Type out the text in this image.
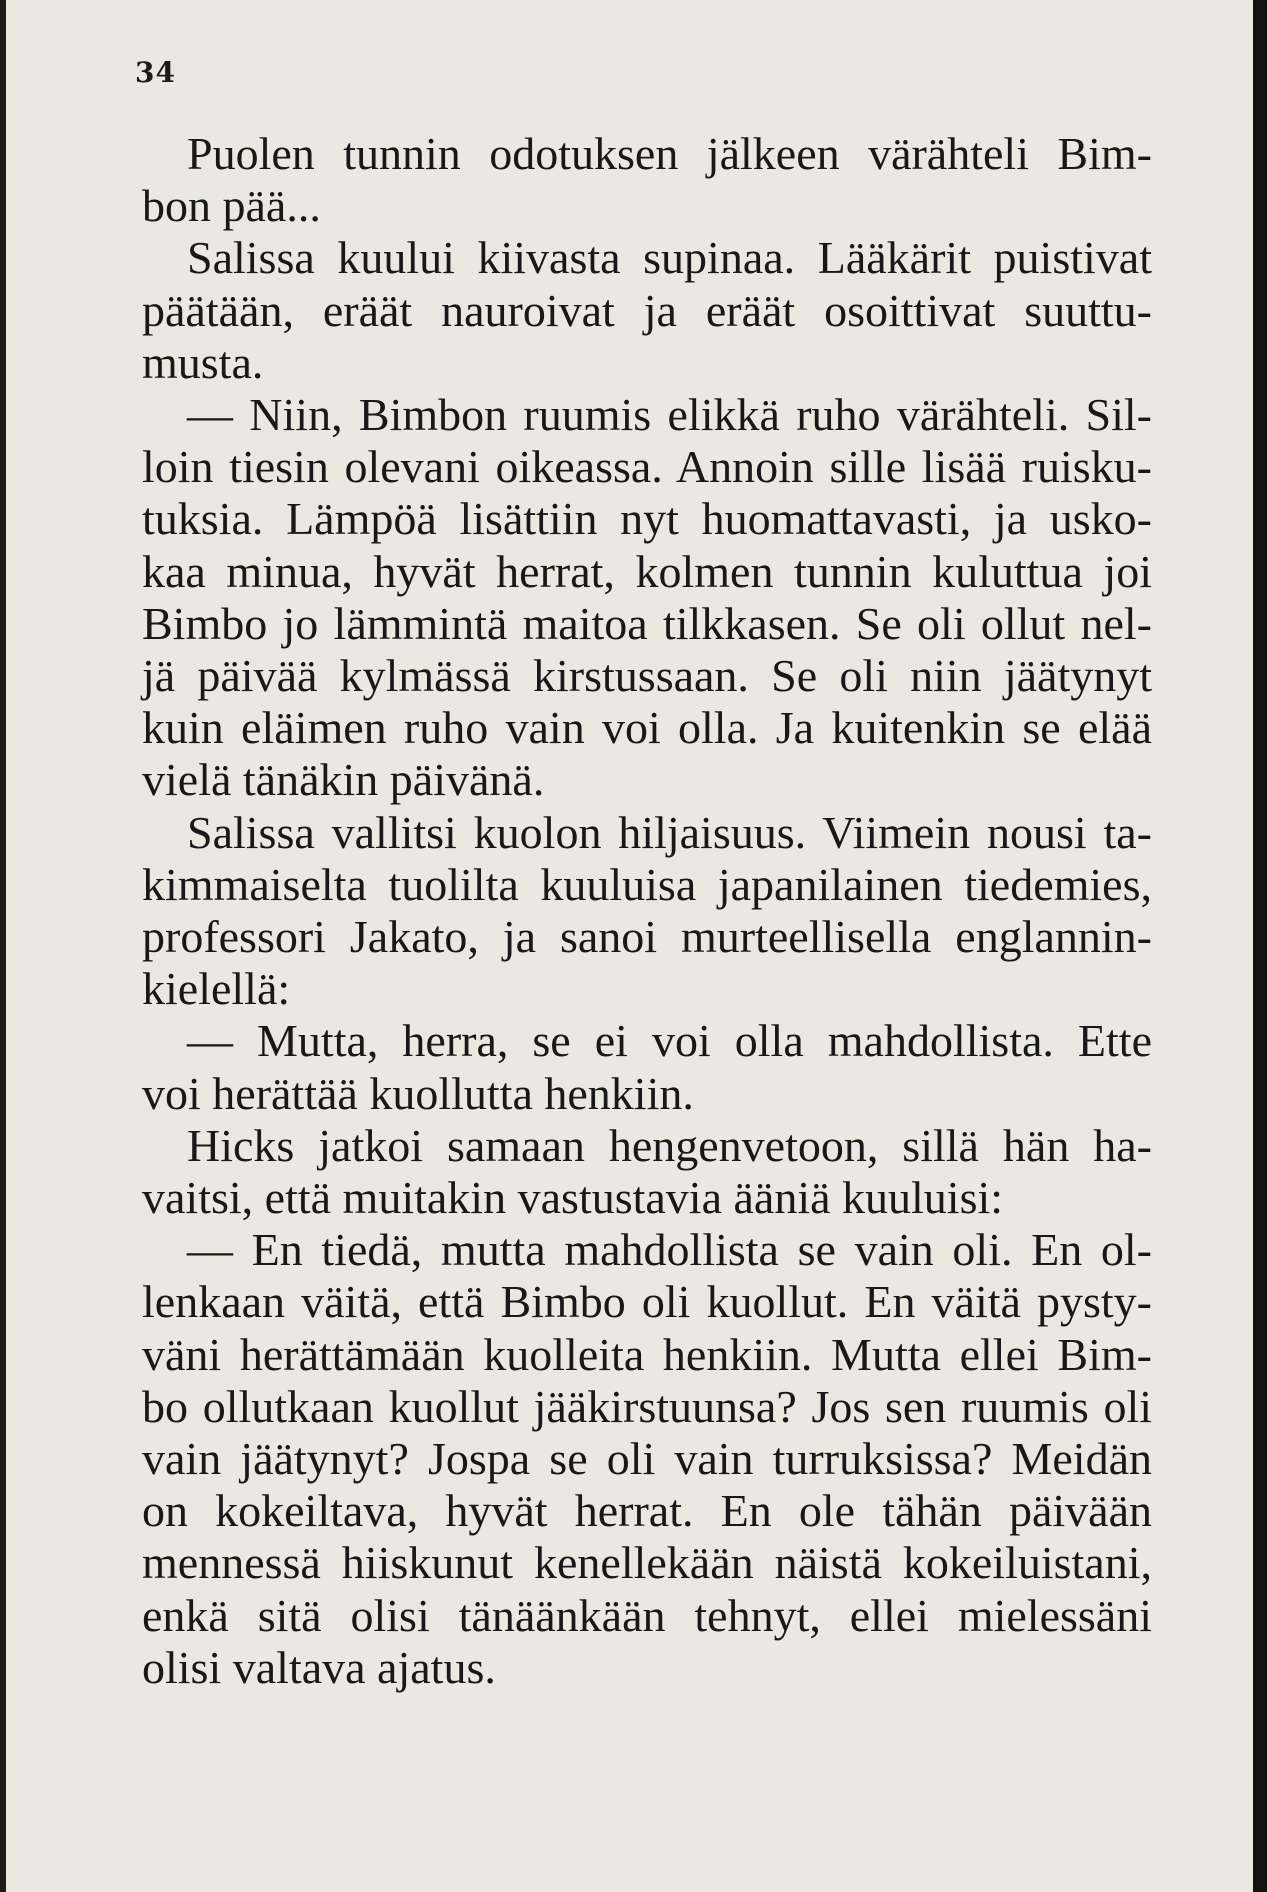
34
Puolen tunnin odotuksen jälkeen värähteli Bim-
bon pää...
Salissa kuului kiivasta supinaa. Lääkärit puistivat
päätään, eräät nauroivat ja eräät osoittivat suuttu-
musta.
— Niin, Bimbon ruumis elikkä ruho värähteli. Sil-
loin tiesin olevani oikeassa. Annoin sille lisää ruisku-
tuksia. Lämpöä lisättiin nyt huomattavasti, ja usko-
kaa minua, hyvät herrat, kolmen tunnin kuluttua joi
Bimbo jo lämmintä maitoa tilkkasen. Se oli ollut nel-
jä päivää kylmässä kirstussaan. Se oli niin jäätynyt
kuin eläimen ruho vain voi olla. Ja kuitenkin se elää
vielä tänäkin päivänä.
Salissa vallitsi kuolon hiljaisuus. Viimein nousi ta-
kimmaiselta tuolilta kuuluisa japanilainen tiedemies,
professori Jakato, ja sanoi murteellisella englannin-
kielellä:
— Mutta, herra, se ei voi olla mahdollista. Ette
voi herättää kuollutta henkiin.
Hicks jatkoi samaan hengenvetoon, sillä hän ha-
vaitsi, että muitakin vastustavia ääniä kuuluisi:
— En tiedä, mutta mahdollista se vain oli. En ol-
lenkaan väitä, että Bimbo oli kuollut. En väitä pysty-
väni herättämään kuolleita henkiin. Mutta ellei Bim-
bo ollutkaan kuollut jääkirstuunsa? Jos sen ruumis oli
vain jäätynyt? Jospa se oli vain turruksissa? Meidän
on kokeiltava, hyvät herrat. En ole tähän päivään
mennessä hiiskunut kenellekään näistä kokeiluistani,
enkä sitä olisi tänäänkään tehnyt, ellei mielessäni
olisi valtava ajatus.
